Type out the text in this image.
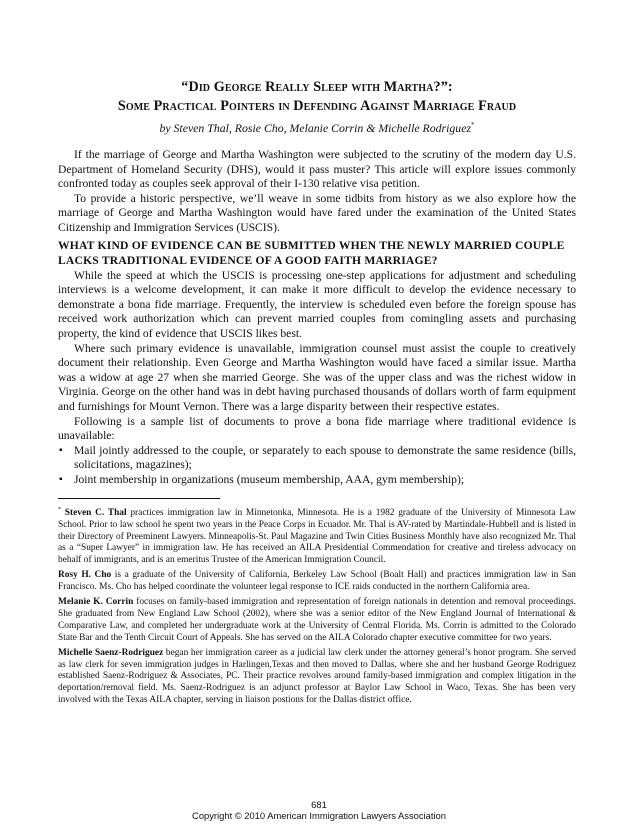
“Did George Really Sleep with Martha?”:
Some Practical Pointers in Defending Against Marriage Fraud
by Steven Thal, Rosie Cho, Melanie Corrin & Michelle Rodriguez*

If the marriage of George and Martha Washington were subjected to the scrutiny of the modern day U.S. Department of Homeland Security (DHS), would it pass muster? This article will explore issues commonly confronted today as couples seek approval of their I-130 relative visa petition.

To provide a historic perspective, we’ll weave in some tidbits from history as we also explore how the marriage of George and Martha Washington would have fared under the examination of the United States Citizenship and Immigration Services (USCIS).

WHAT KIND OF EVIDENCE CAN BE SUBMITTED WHEN THE NEWLY MARRIED COUPLE LACKS TRADITIONAL EVIDENCE OF A GOOD FAITH MARRIAGE?

While the speed at which the USCIS is processing one-step applications for adjustment and scheduling interviews is a welcome development, it can make it more difficult to develop the evidence necessary to demonstrate a bona fide marriage. Frequently, the interview is scheduled even before the foreign spouse has received work authorization which can prevent married couples from comingling assets and purchasing property, the kind of evidence that USCIS likes best.

Where such primary evidence is unavailable, immigration counsel must assist the couple to creatively document their relationship. Even George and Martha Washington would have faced a similar issue. Martha was a widow at age 27 when she married George. She was of the upper class and was the richest widow in Virginia. George on the other hand was in debt having purchased thousands of dollars worth of farm equipment and furnishings for Mount Vernon. There was a large disparity between their respective estates.

Following is a sample list of documents to prove a bona fide marriage where traditional evidence is unavailable:

▪ Mail jointly addressed to the couple, or separately to each spouse to demonstrate the same residence (bills, solicitations, magazines);
▪ Joint membership in organizations (museum membership, AAA, gym membership);

* Steven C. Thal practices immigration law in Minnetonka, Minnesota. He is a 1982 graduate of the University of Minnesota Law School. Prior to law school he spent two years in the Peace Corps in Ecuador. Mr. Thal is AV-rated by Martindale-Hubbell and is listed in their Directory of Preeminent Lawyers. Minneapolis-St. Paul Magazine and Twin Cities Business Monthly have also recognized Mr. Thal as a “Super Lawyer” in immigration law. He has received an AILA Presidential Commendation for creative and tireless advocacy on behalf of immigrants, and is an emeritus Trustee of the American Immigration Council.

Rosy H. Cho is a graduate of the University of California, Berkeley Law School (Boalt Hall) and practices immigration law in San Francisco. Ms. Cho has helped coordinate the volunteer legal response to ICE raids conducted in the northern California area.

Melanie K. Corrin focuses on family-based immigration and representation of foreign nationals in detention and removal proceedings. She graduated from New England Law School (2002), where she was a senior editor of the New England Journal of International & Comparative Law, and completed her undergraduate work at the University of Central Florida. Ms. Corrin is admitted to the Colorado State Bar and the Tenth Circuit Court of Appeals. She has served on the AILA Colorado chapter executive committee for two years.

Michelle Saenz-Rodriguez began her immigration career as a judicial law clerk under the attorney general’s honor program. She served as law clerk for seven immigration judges in Harlingen,Texas and then moved to Dallas, where she and her husband George Rodriguez established Saenz-Rodriguez & Associates, PC. Their practice revolves around family-based immigration and complex litigation in the deportation/removal field. Ms. Saenz-Rodriguez is an adjunct professor at Baylor Law School in Waco, Texas. She has been very involved with the Texas AILA chapter, serving in liaison postions for the Dallas district office.

681
Copyright © 2010 American Immigration Lawyers Association
